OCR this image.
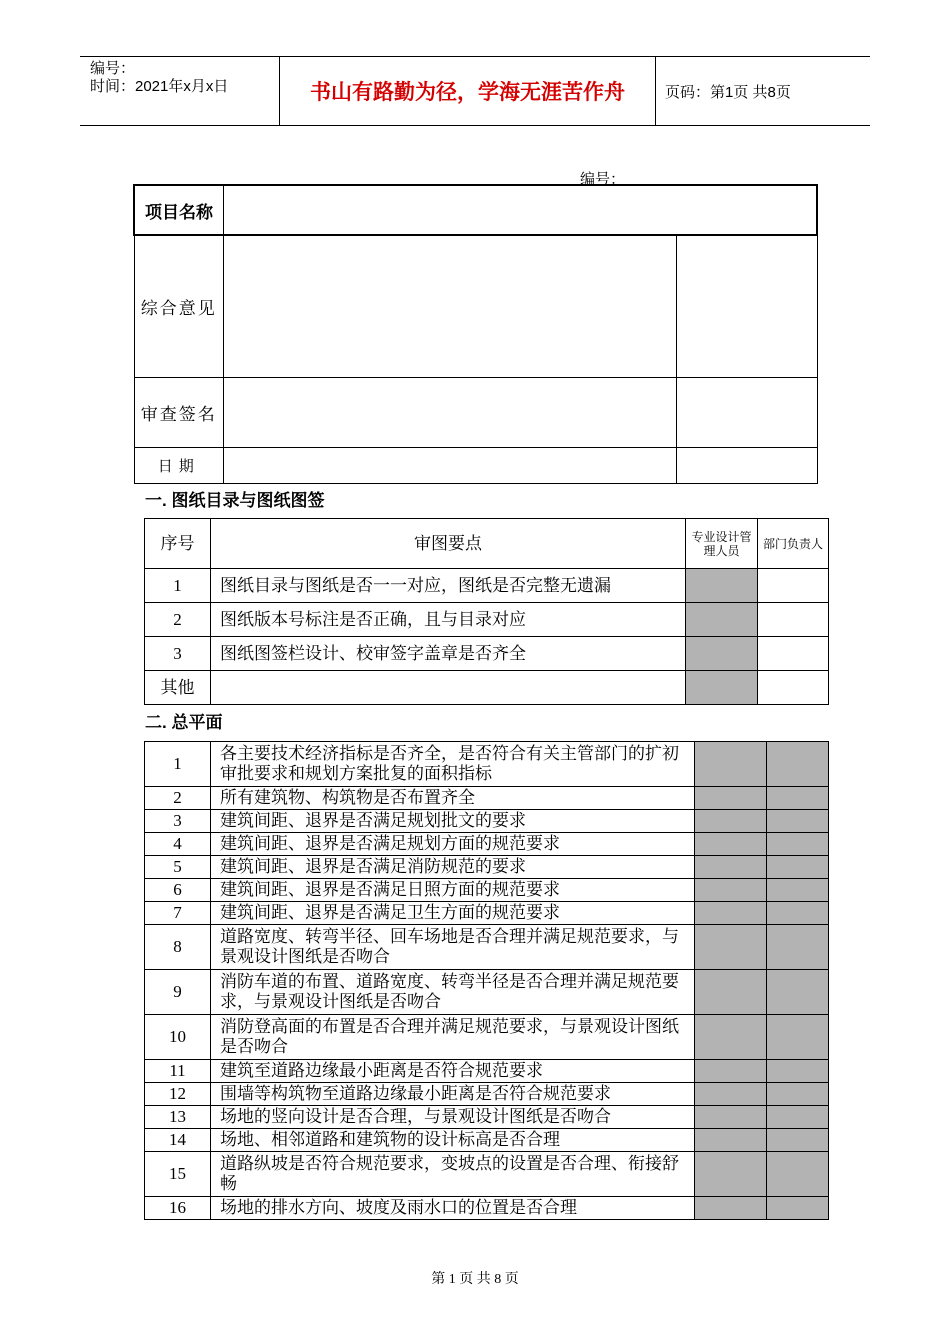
编号：
时间：2021年x月x日	书山有路勤为径，学海无涯苦作舟	页码：第1页 共8页
编号：
项目名称		
综合意见		
审查签名		
日期		
一. 图纸目录与图纸图签
序号	审图要点	专业设计管理人员	部门负责人
1	图纸目录与图纸是否一一对应，图纸是否完整无遗漏		
2	图纸版本号标注是否正确，且与目录对应		
3	图纸图签栏设计、校审签字盖章是否齐全		
其他			
二. 总平面
1	各主要技术经济指标是否齐全，是否符合有关主管部门的扩初审批要求和规划方案批复的面积指标		
2	所有建筑物、构筑物是否布置齐全		
3	建筑间距、退界是否满足规划批文的要求		
4	建筑间距、退界是否满足规划方面的规范要求		
5	建筑间距、退界是否满足消防规范的要求		
6	建筑间距、退界是否满足日照方面的规范要求		
7	建筑间距、退界是否满足卫生方面的规范要求		
8	道路宽度、转弯半径、回车场地是否合理并满足规范要求，与景观设计图纸是否吻合		
9	消防车道的布置、道路宽度、转弯半径是否合理并满足规范要求，与景观设计图纸是否吻合		
10	消防登高面的布置是否合理并满足规范要求，与景观设计图纸是否吻合		
11	建筑至道路边缘最小距离是否符合规范要求		
12	围墙等构筑物至道路边缘最小距离是否符合规范要求		
13	场地的竖向设计是否合理，与景观设计图纸是否吻合		
14	场地、相邻道路和建筑物的设计标高是否合理		
15	道路纵坡是否符合规范要求，变坡点的设置是否合理、衔接舒畅		
16	场地的排水方向、坡度及雨水口的位置是否合理		
第 1 页 共 8 页
